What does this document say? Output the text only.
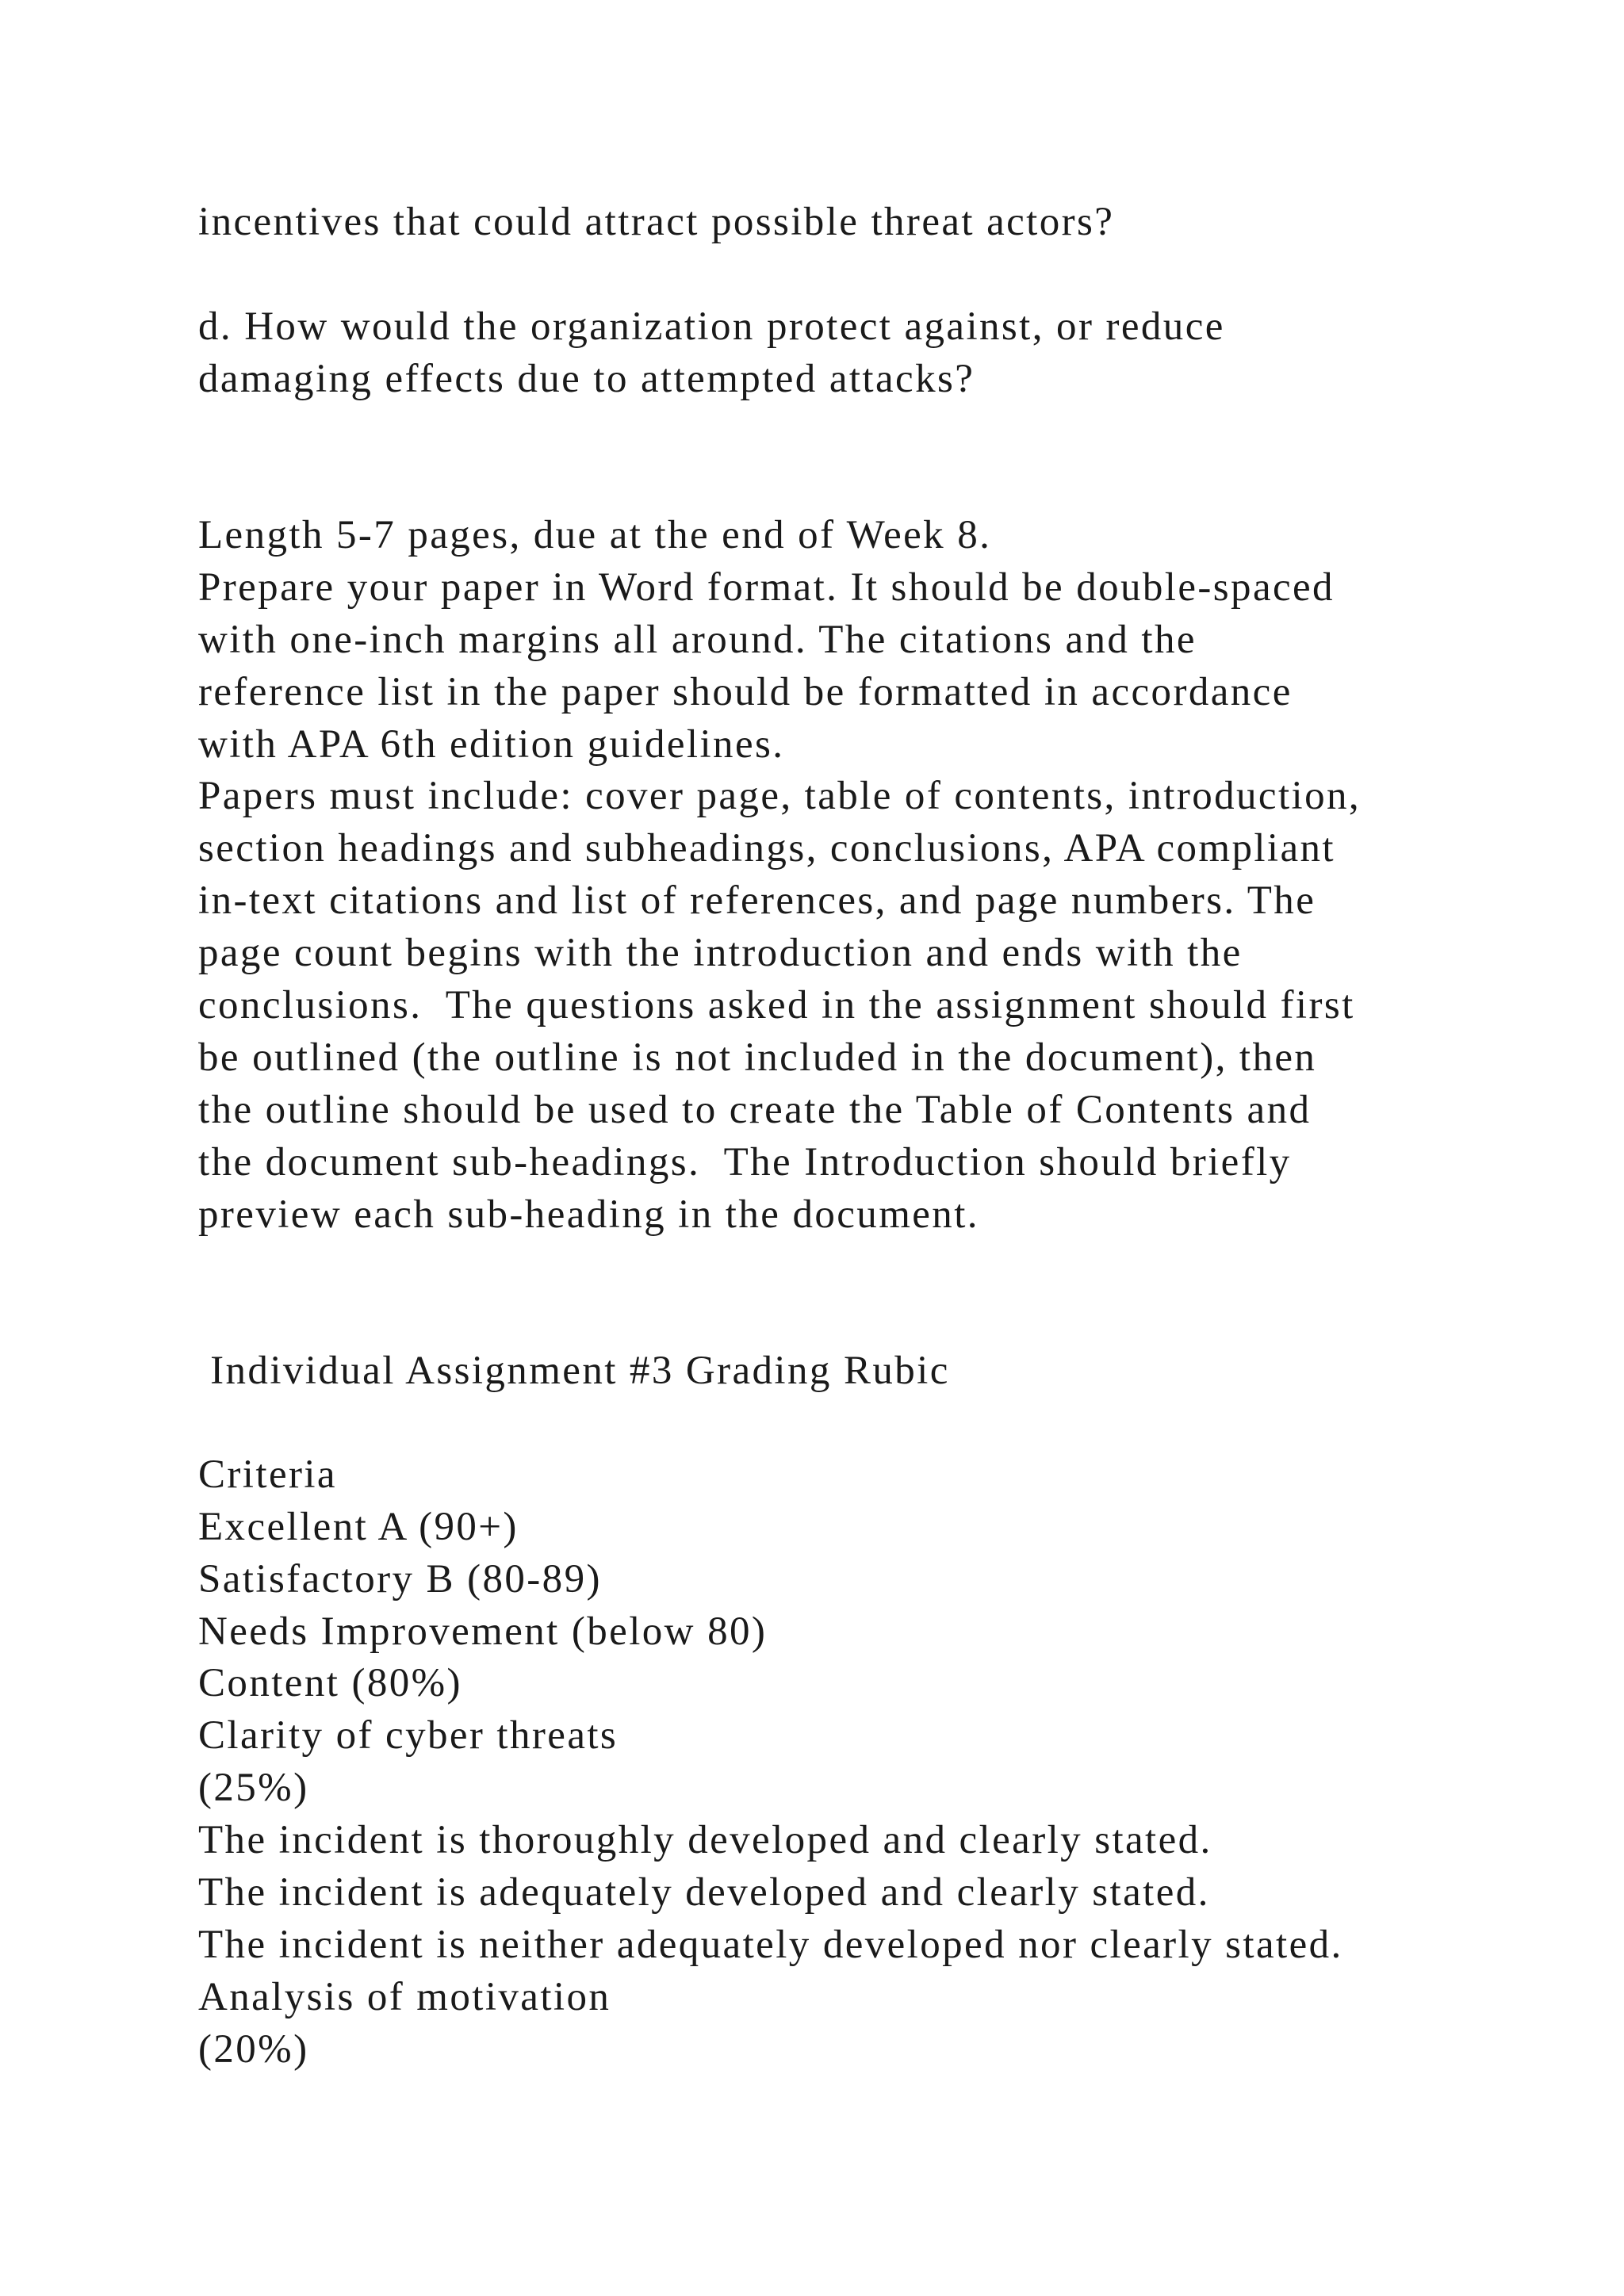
incentives that could attract possible threat actors?

d. How would the organization protect against, or reduce

damaging effects due to attempted attacks?

Length 5-7 pages, due at the end of Week 8.

Prepare your paper in Word format. It should be double-spaced

with one-inch margins all around. The citations and the

reference list in the paper should be formatted in accordance

with APA 6th edition guidelines.

Papers must include: cover page, table of contents, introduction,

section headings and subheadings, conclusions, APA compliant

in-text citations and list of references, and page numbers. The

page count begins with the introduction and ends with the

conclusions.  The questions asked in the assignment should first

be outlined (the outline is not included in the document), then

the outline should be used to create the Table of Contents and

the document sub-headings.  The Introduction should briefly

preview each sub-heading in the document.

Individual Assignment #3 Grading Rubic

Criteria

Excellent A (90+)

Satisfactory B (80-89)

Needs Improvement (below 80)

Content (80%)

Clarity of cyber threats

(25%)

The incident is thoroughly developed and clearly stated.

The incident is adequately developed and clearly stated.

The incident is neither adequately developed nor clearly stated.

Analysis of motivation

(20%)
